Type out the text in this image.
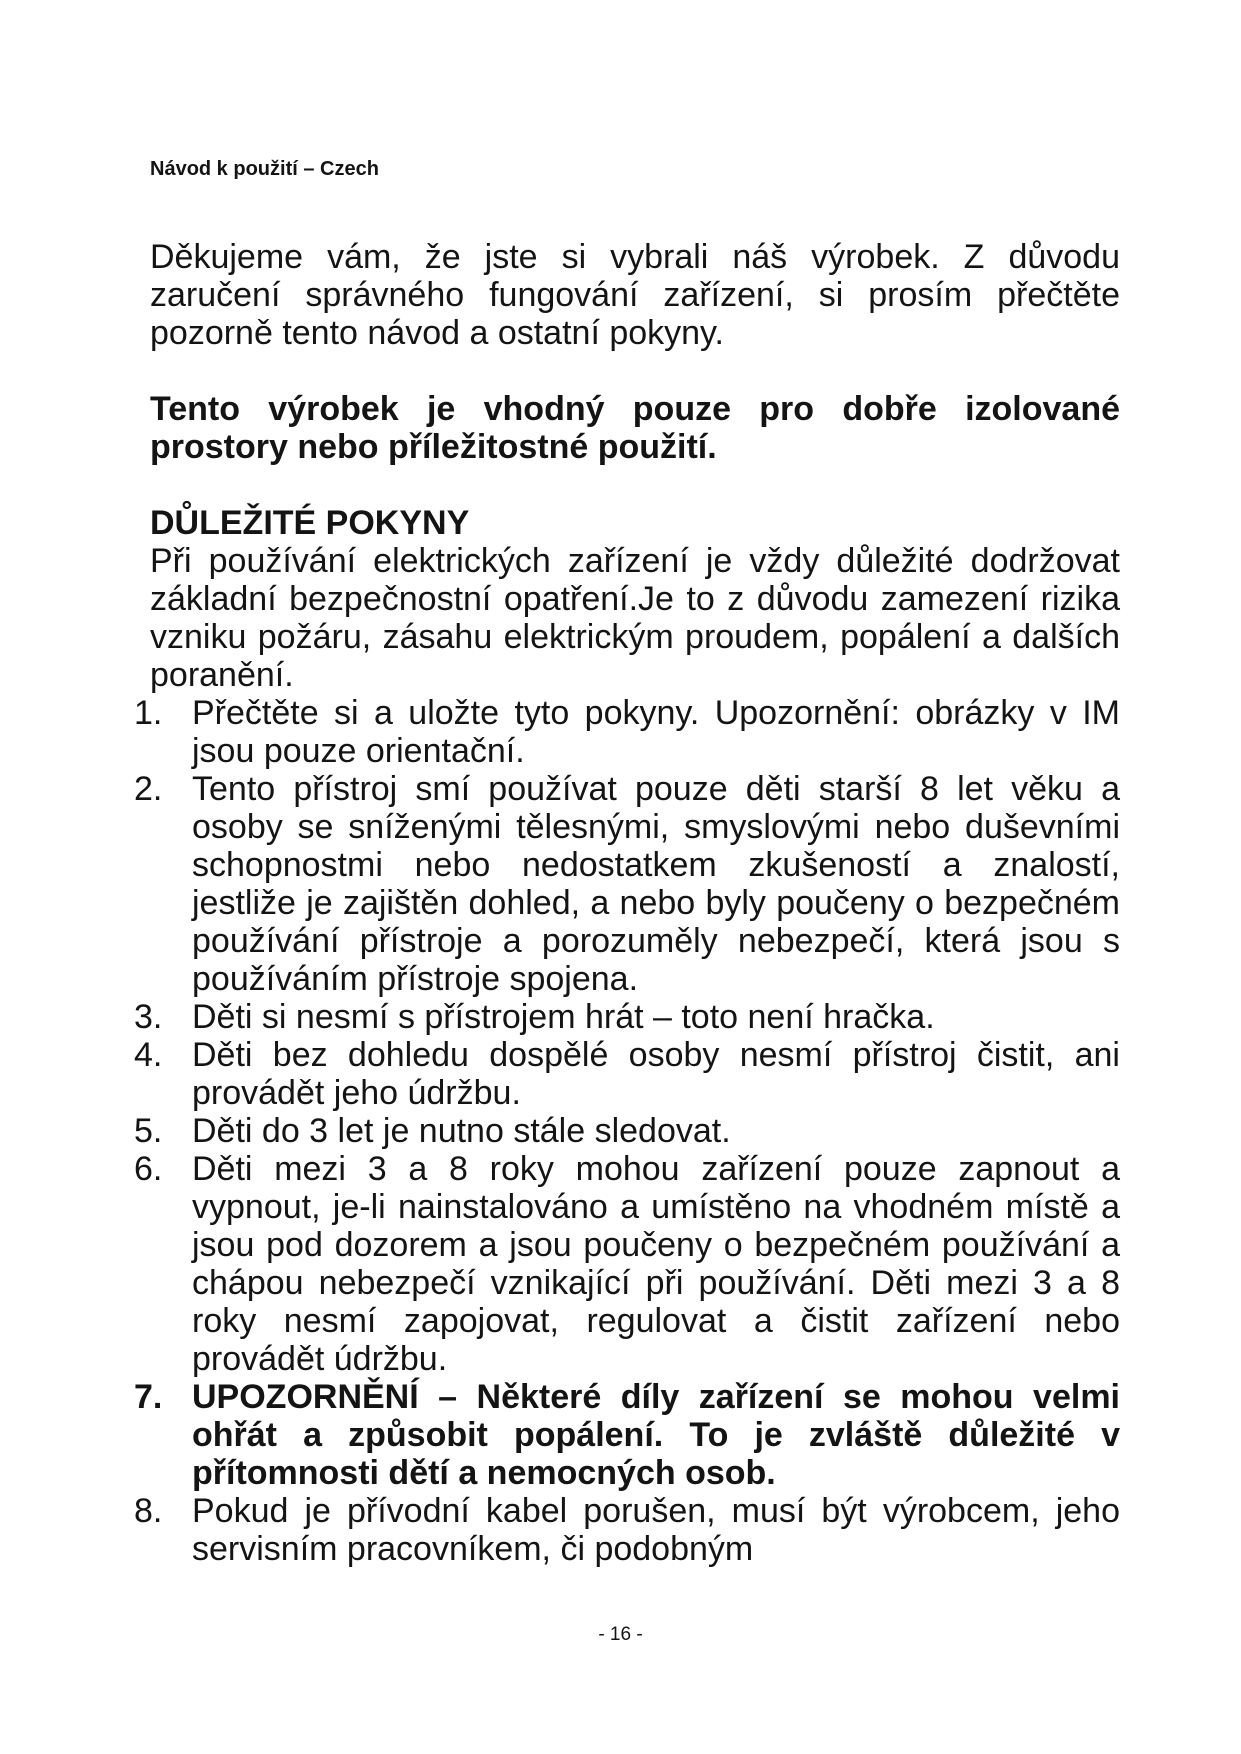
Návod k použití – Czech

Děkujeme vám, že jste si vybrali náš výrobek. Z důvodu zaručení správného fungování zařízení, si prosím přečtěte pozorně tento návod a ostatní pokyny.

Tento výrobek je vhodný pouze pro dobře izolované prostory nebo příležitostné použití.

DŮLEŽITÉ POKYNY

Při používání elektrických zařízení je vždy důležité dodržovat základní bezpečnostní opatření.Je to z důvodu zamezení rizika vzniku požáru, zásahu elektrickým proudem, popálení a dalších poranění.

1. Přečtěte si a uložte tyto pokyny. Upozornění: obrázky v IM jsou pouze orientační.
2. Tento přístroj smí používat pouze děti starší 8 let věku a osoby se sníženými tělesnými, smyslovými nebo duševními schopnostmi nebo nedostatkem zkušeností a znalostí, jestliže je zajištěn dohled, a nebo byly poučeny o bezpečném používání přístroje a porozuměly nebezpečí, která jsou s používáním přístroje spojena.
3. Děti si nesmí s přístrojem hrát – toto není hračka.
4. Děti bez dohledu dospělé osoby nesmí přístroj čistit, ani provádět jeho údržbu.
5. Děti do 3 let je nutno stále sledovat.
6. Děti mezi 3 a 8 roky mohou zařízení pouze zapnout a vypnout, je-li nainstalováno a umístěno na vhodném místě a jsou pod dozorem a jsou poučeny o bezpečném používání a chápou nebezpečí vznikající při používání. Děti mezi 3 a 8 roky nesmí zapojovat, regulovat a čistit zařízení nebo provádět údržbu.
7. UPOZORNĚNÍ – Některé díly zařízení se mohou velmi ohřát a způsobit popálení. To je zvláště důležité v přítomnosti dětí a nemocných osob.
8. Pokud je přívodní kabel porušen, musí být výrobcem, jeho servisním pracovníkem, či podobným
- 16 -
